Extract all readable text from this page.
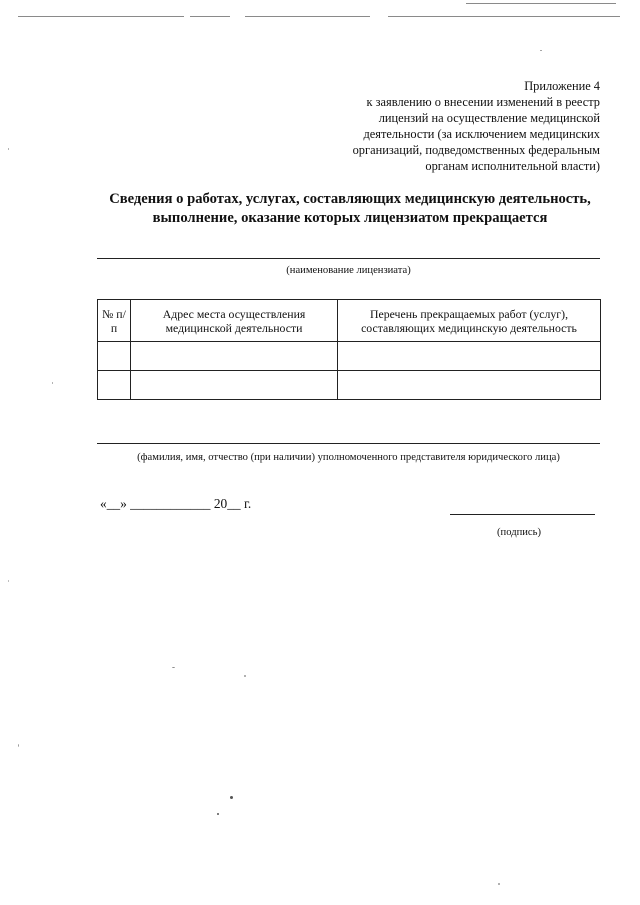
Приложение 4
к заявлению о внесении изменений в реестр
лицензий на осуществление медицинской
деятельности (за исключением медицинских
организаций, подведомственных федеральным
органам исполнительной власти)
Сведения о работах, услугах, составляющих медицинскую деятельность,
выполнение, оказание которых лицензиатом прекращается
(наименование лицензиата)
№ п/п	Адрес места осуществления медицинской деятельности	Перечень прекращаемых работ (услуг), составляющих медицинскую деятельность

(фамилия, имя, отчество (при наличии) уполномоченного представителя юридического лица)
«__» ____________ 20__ г.
(подпись)
